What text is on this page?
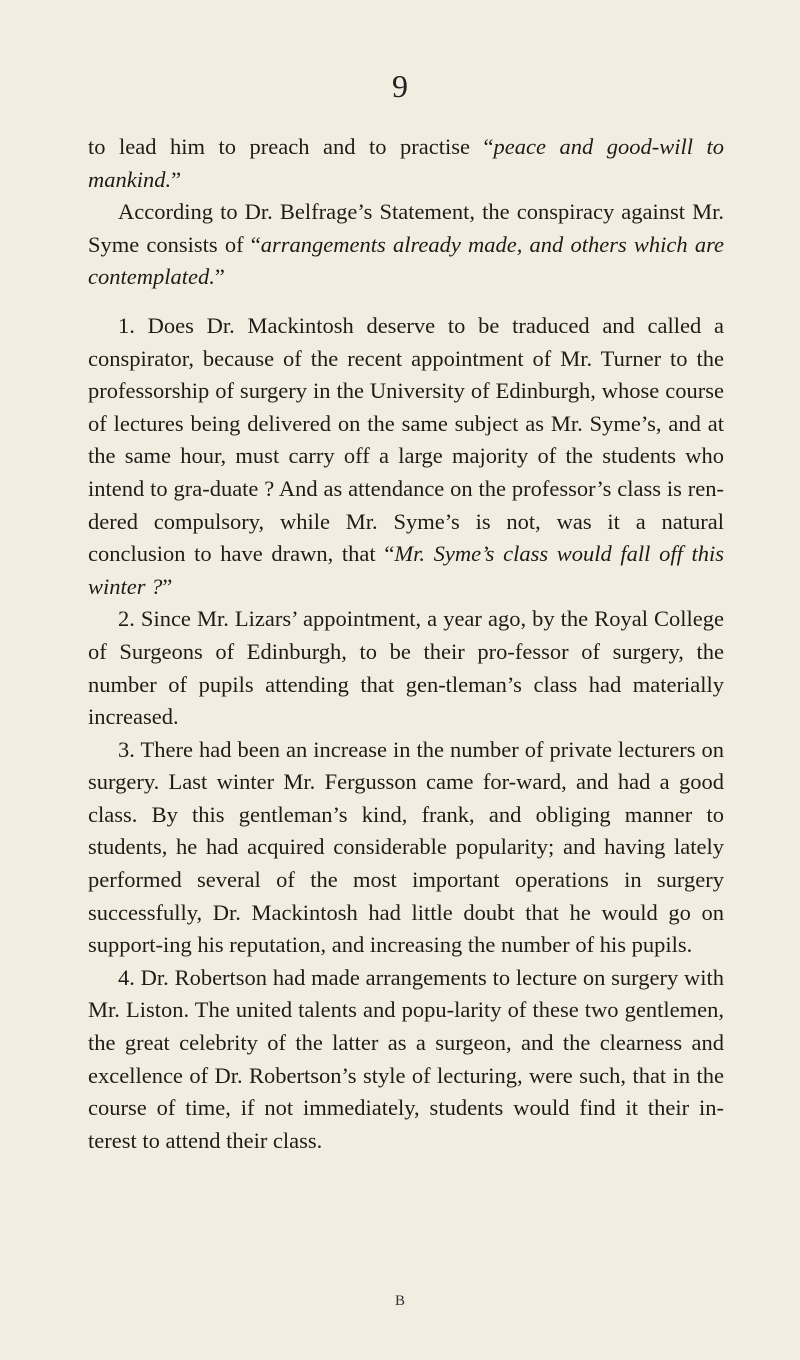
9

to lead him to preach and to practise “peace and good-will to mankind.”

According to Dr. Belfrage’s Statement, the conspiracy against Mr. Syme consists of “arrangements already made, and others which are contemplated.”

1. Does Dr. Mackintosh deserve to be traduced and called a conspirator, because of the recent appointment of Mr. Turner to the professorship of surgery in the University of Edinburgh, whose course of lectures being delivered on the same subject as Mr. Syme’s, and at the same hour, must carry off a large majority of the students who intend to gra-duate ? And as attendance on the professor’s class is ren-dered compulsory, while Mr. Syme’s is not, was it a natural conclusion to have drawn, that “Mr. Syme’s class would fall off this winter ?”

2. Since Mr. Lizars’ appointment, a year ago, by the Royal College of Surgeons of Edinburgh, to be their pro-fessor of surgery, the number of pupils attending that gen-tleman’s class had materially increased.

3. There had been an increase in the number of private lecturers on surgery. Last winter Mr. Fergusson came for-ward, and had a good class. By this gentleman’s kind, frank, and obliging manner to students, he had acquired considerable popularity; and having lately performed several of the most important operations in surgery successfully, Dr. Mackintosh had little doubt that he would go on support-ing his reputation, and increasing the number of his pupils.

4. Dr. Robertson had made arrangements to lecture on surgery with Mr. Liston. The united talents and popu-larity of these two gentlemen, the great celebrity of the latter as a surgeon, and the clearness and excellence of Dr. Robertson’s style of lecturing, were such, that in the course of time, if not immediately, students would find it their in-terest to attend their class.

B
